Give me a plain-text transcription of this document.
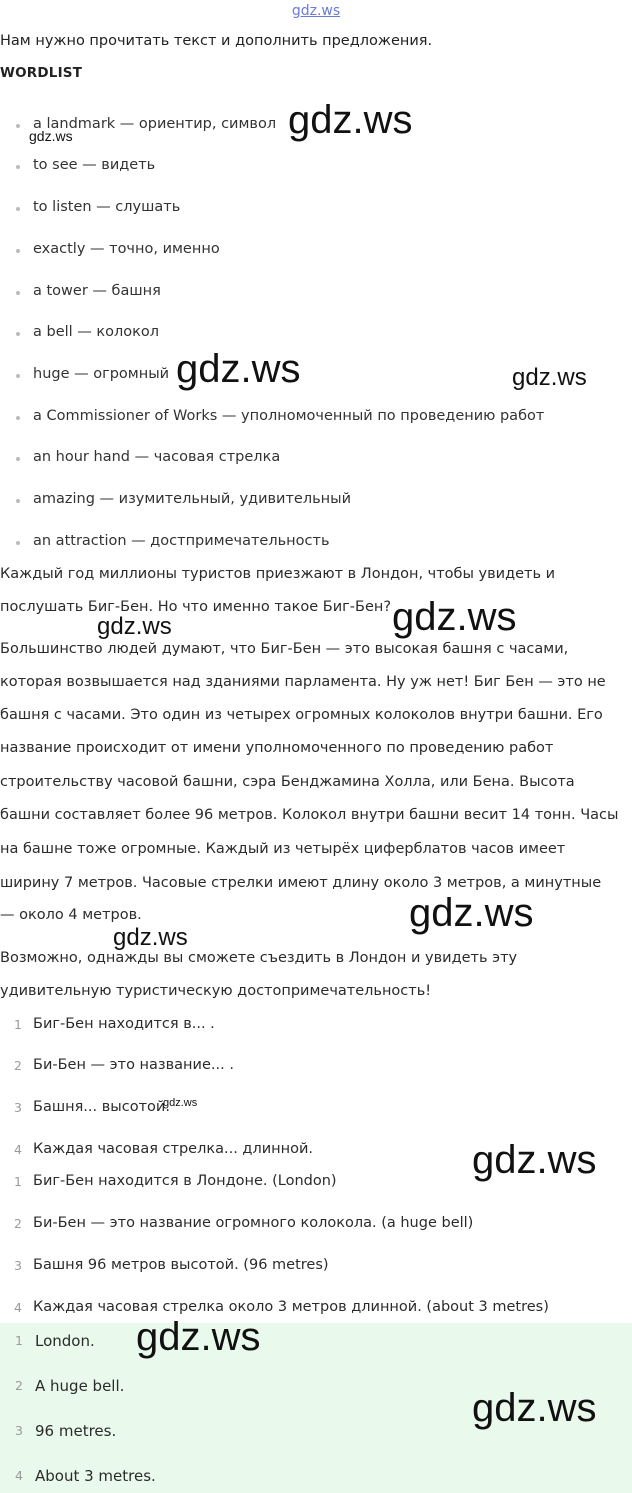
gdz.ws
Нам нужно прочитать текст и дополнить предложения.
WORDLIST
a landmark — ориентир, символ
to see — видеть
to listen — слушать
exactly — точно, именно
a tower — башня
a bell — колокол
huge — огромный
a Commissioner of Works — уполномоченный по проведению работ
an hour hand — часовая стрелка
amazing — изумительный, удивительный
an attraction — достпримечательность
Каждый год миллионы туристов приезжают в Лондон, чтобы увидеть и
послушать Биг-Бен. Но что именно такое Биг-Бен?
Большинство людей думают, что Биг-Бен — это высокая башня с часами,
которая возвышается над зданиями парламента. Ну уж нет! Биг Бен — это не
башня с часами. Это один из четырех огромных колоколов внутри башни. Его
название происходит от имени уполномоченного по проведению работ
строительству часовой башни, сэра Бенджамина Холла, или Бена. Высота
башни составляет более 96 метров. Колокол внутри башни весит 14 тонн. Часы
на башне тоже огромные. Каждый из четырёх циферблатов часов имеет
ширину 7 метров. Часовые стрелки имеют длину около 3 метров, а минутные
— около 4 метров.
Возможно, однажды вы сможете съездить в Лондон и увидеть эту
удивительную туристическую достопримечательность!
1 Биг-Бен находится в... .
2 Би-Бен — это название... .
3 Башня... высотой.
4 Каждая часовая стрелка... длинной.
1 Биг-Бен находится в Лондоне. (London)
2 Би-Бен — это название огромного колокола. (a huge bell)
3 Башня 96 метров высотой. (96 metres)
4 Каждая часовая стрелка около 3 метров длинной. (about 3 metres)
1 London.
2 A huge bell.
3 96 metres.
4 About 3 metres.
gdz.ws
gdz.ws
gdz.ws	gdz.ws
gdz.ws
gdz.ws
gdz.ws
gdz.ws
gdz.ws
gdz.ws
gdz.ws
gdz.ws
